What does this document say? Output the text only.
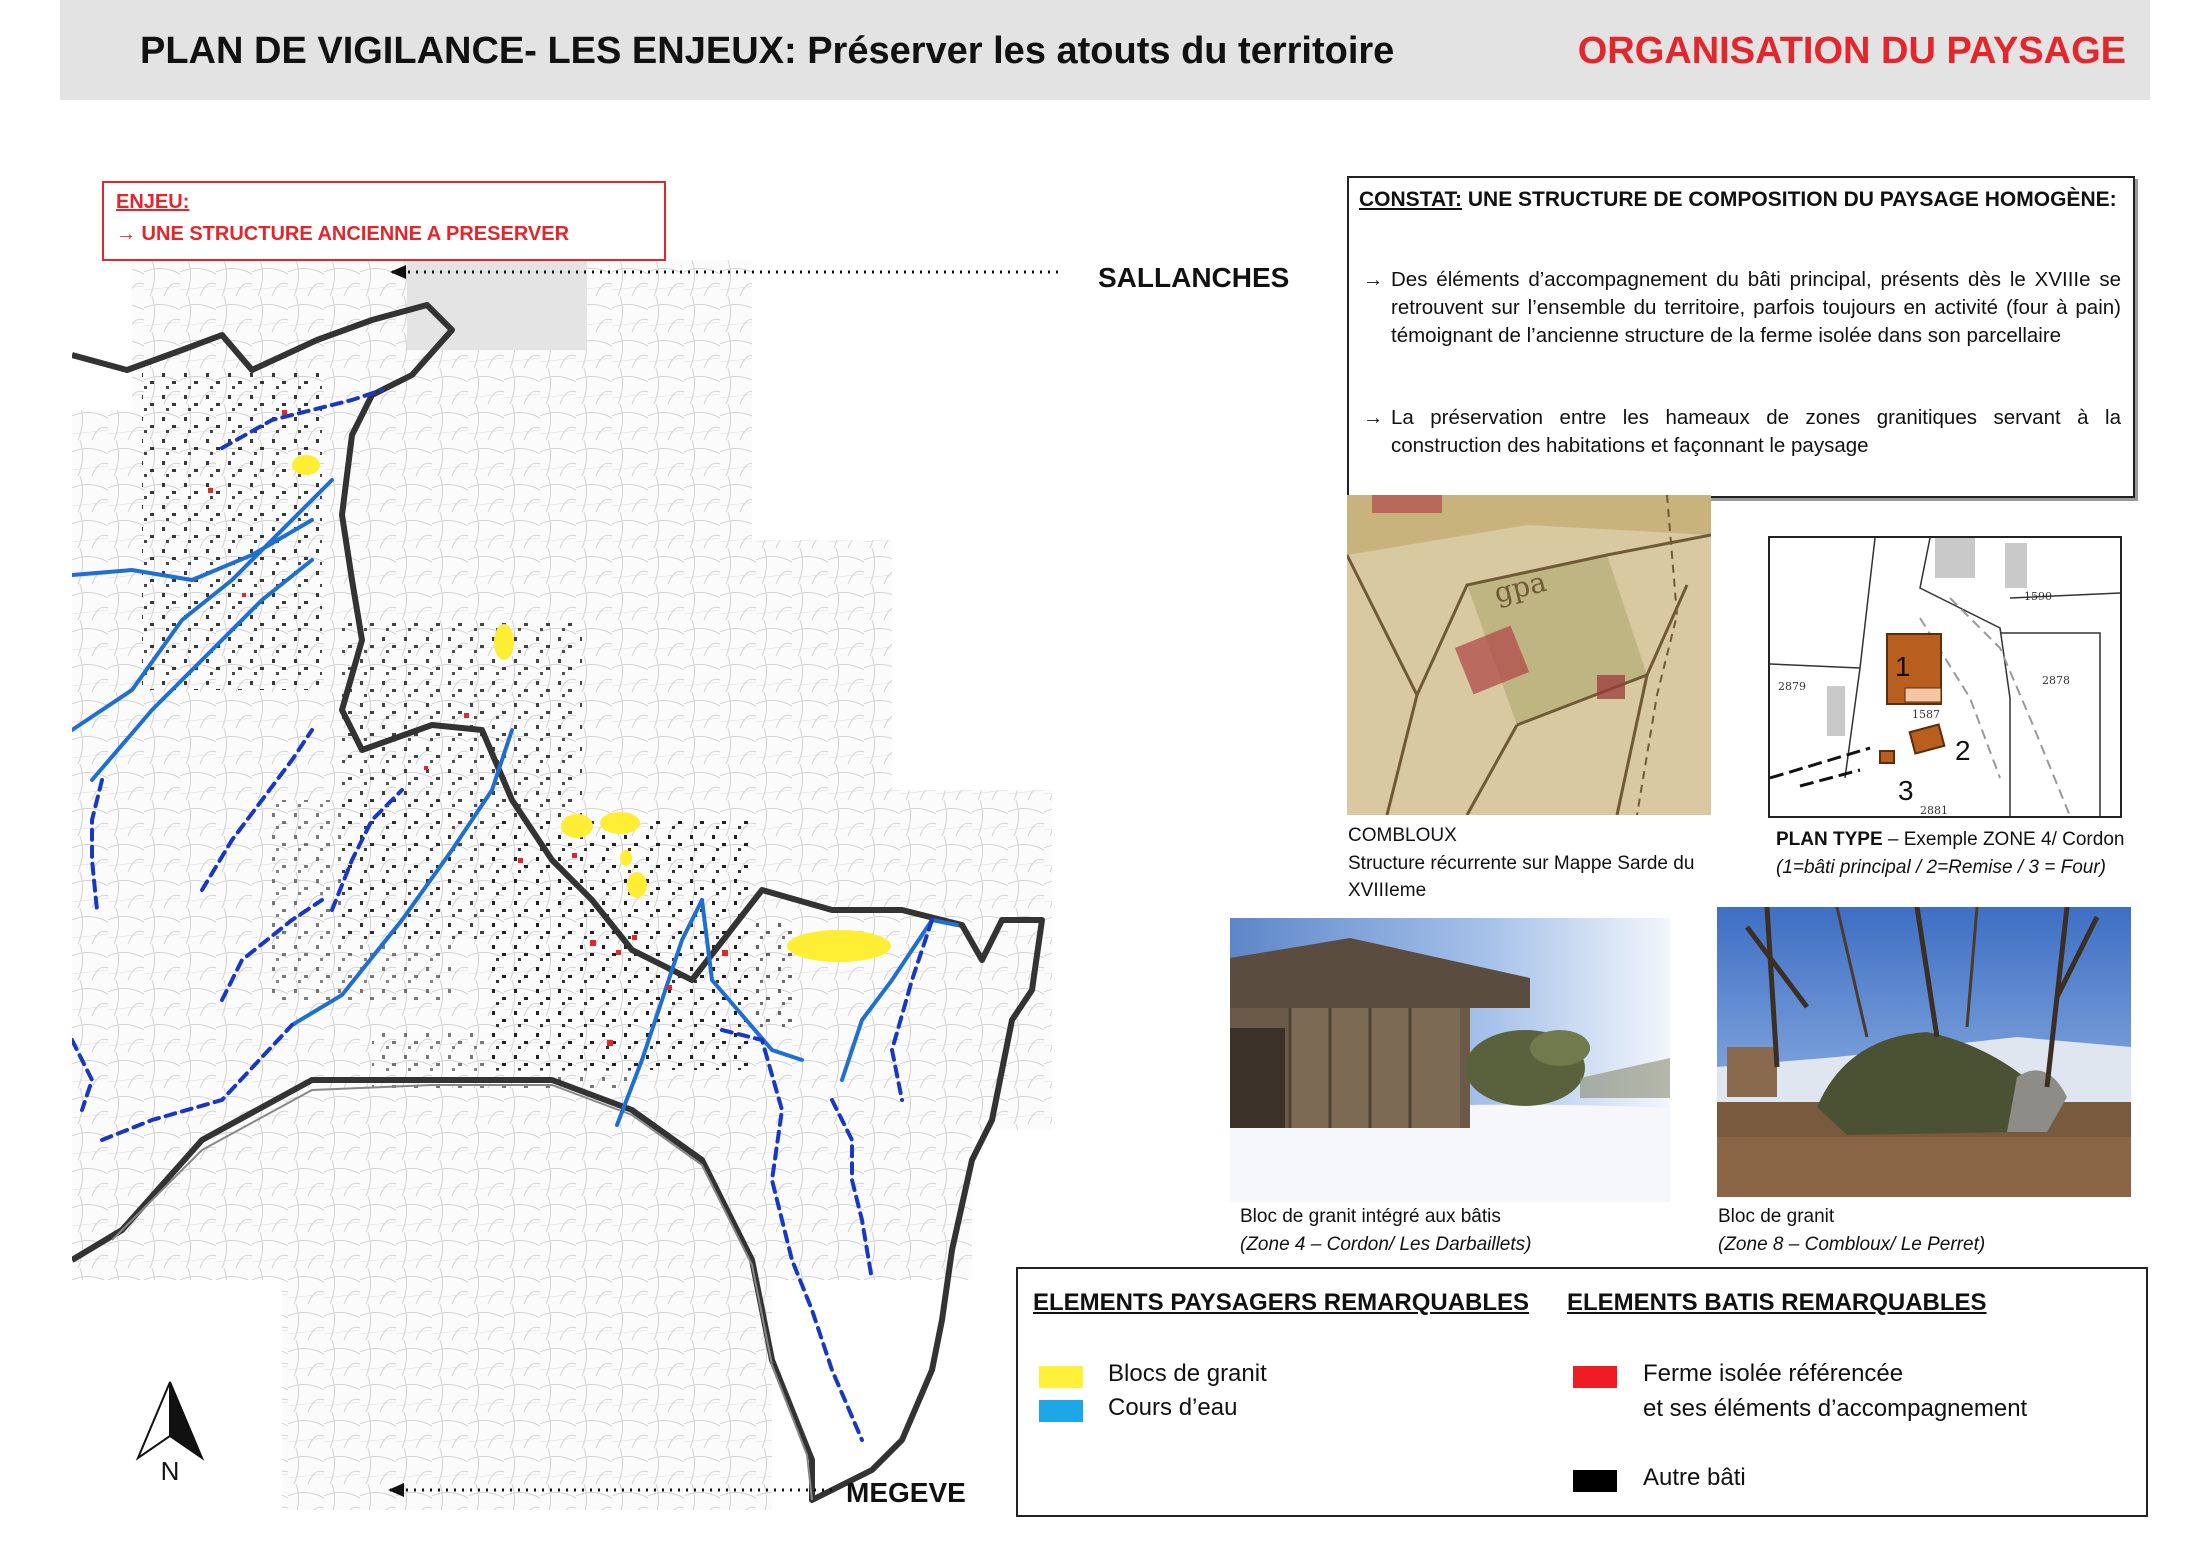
PLAN DE VIGILANCE- LES ENJEUX: Préserver les atouts du territoire	ORGANISATION DU PAYSAGE
N
ENJEU:
→ UNE STRUCTURE ANCIENNE A PRESERVER
SALLANCHES
MEGEVE
CONSTAT: UNE STRUCTURE DE COMPOSITION DU PAYSAGE HOMOGÈNE:
→ Des éléments d’accompagnement du bâti principal, présents dès le XVIIIe se retrouvent sur l’ensemble du territoire, parfois toujours en activité (four à pain) témoignant de l’ancienne structure de la ferme isolée dans son parcellaire
→ La préservation entre les hameaux de zones granitiques servant à la construction des habitations et façonnant le paysage
gpa
COMBLOUX
Structure récurrente sur Mappe Sarde du
XVIIIeme
1
2
3
1590
2879	2878
1587
2881
PLAN TYPE – Exemple ZONE 4/ Cordon
(1=bâti principal / 2=Remise / 3 = Four)
Bloc de granit intégré aux bâtis
(Zone 4 – Cordon/ Les Darbaillets)
Bloc de granit
(Zone 8 – Combloux/ Le Perret)
ELEMENTS PAYSAGERS REMARQUABLES ELEMENTS BATIS REMARQUABLES
Blocs de granit
Cours d’eau
Ferme isolée référencée
et ses éléments d’accompagnement
Autre bâti
